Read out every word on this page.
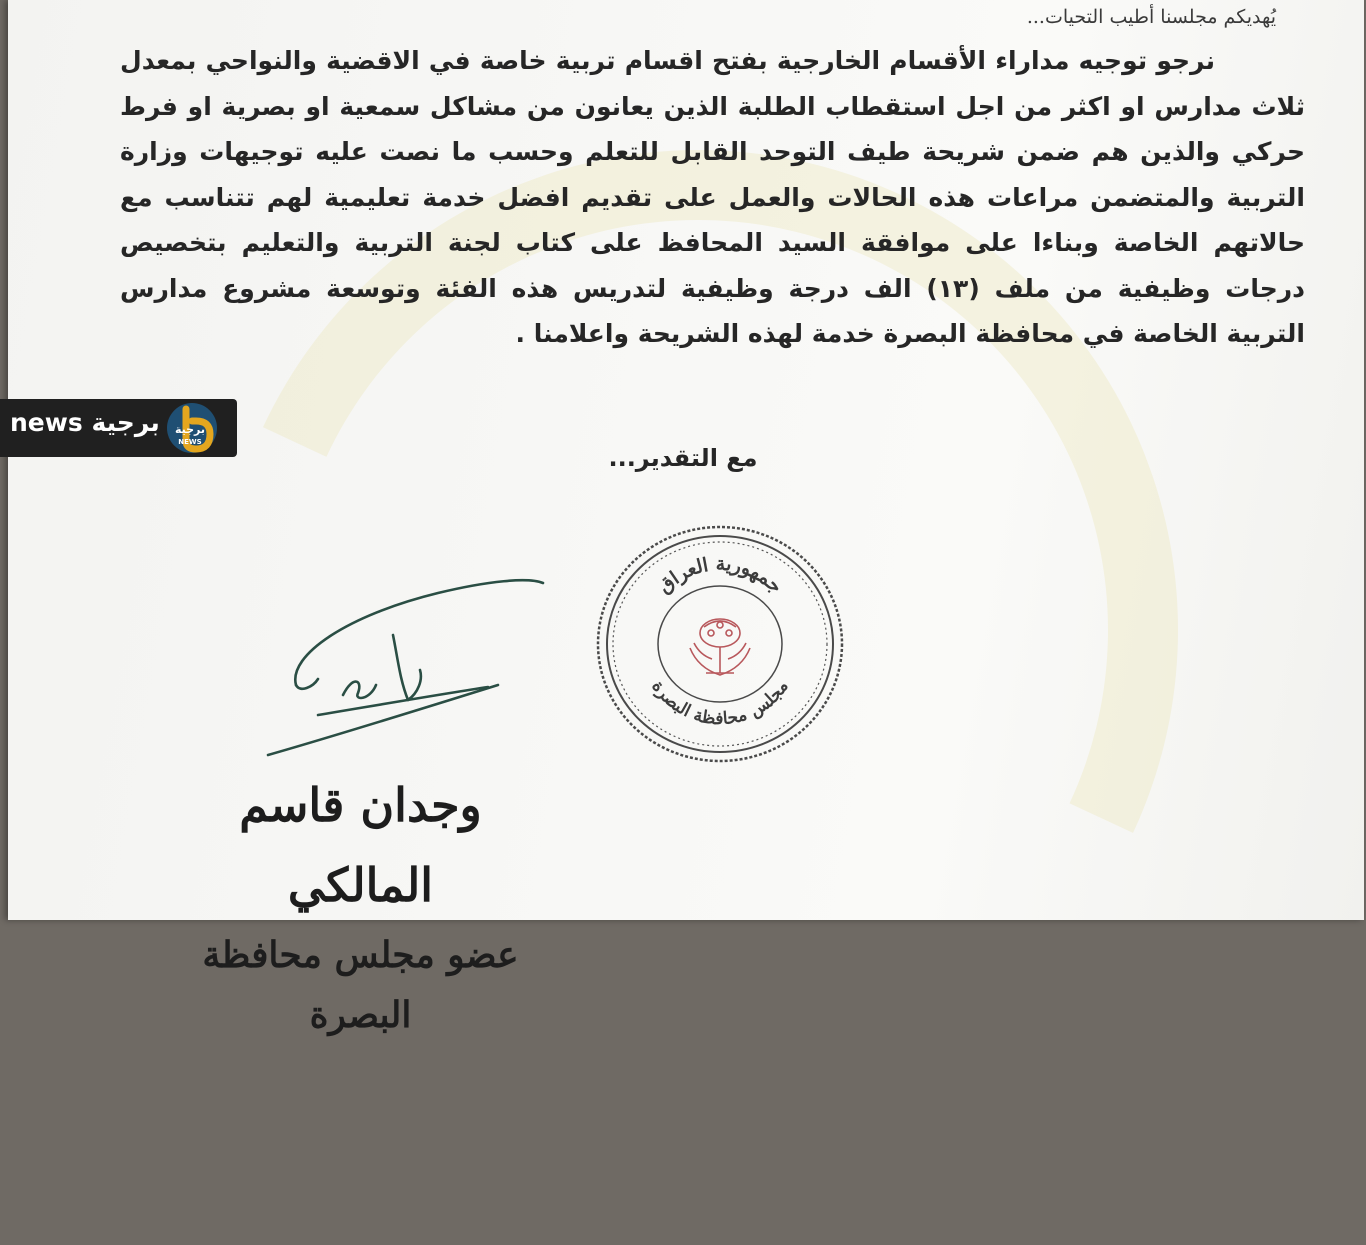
يُهديكم مجلسنا أطيب التحيات...

نرجو توجيه مداراء الأقسام الخارجية بفتح اقسام تربية خاصة في الاقضية والنواحي بمعدل ثلاث مدارس او اكثر من اجل استقطاب الطلبة الذين يعانون من مشاكل سمعية او بصرية او فرط حركي والذين هم ضمن شريحة طيف التوحد القابل للتعلم وحسب ما نصت عليه توجيهات وزارة التربية والمتضمن مراعات هذه الحالات والعمل على تقديم افضل خدمة تعليمية لهم تتناسب مع حالاتهم الخاصة وبناءا على موافقة السيد المحافظ على كتاب لجنة التربية والتعليم بتخصيص درجات وظيفية من ملف (١٣) الف درجة وظيفية لتدريس هذه الفئة وتوسعة مشروع مدارس التربية الخاصة في محافظة البصرة خدمة لهذه الشريحة واعلامنا .

مع التقدير...
جمهورية العراق
مجلس محافظة البصرة
وجدان قاسم المالكي
عضو مجلس محافظة البصرة
news برجية برجية
NEWS
